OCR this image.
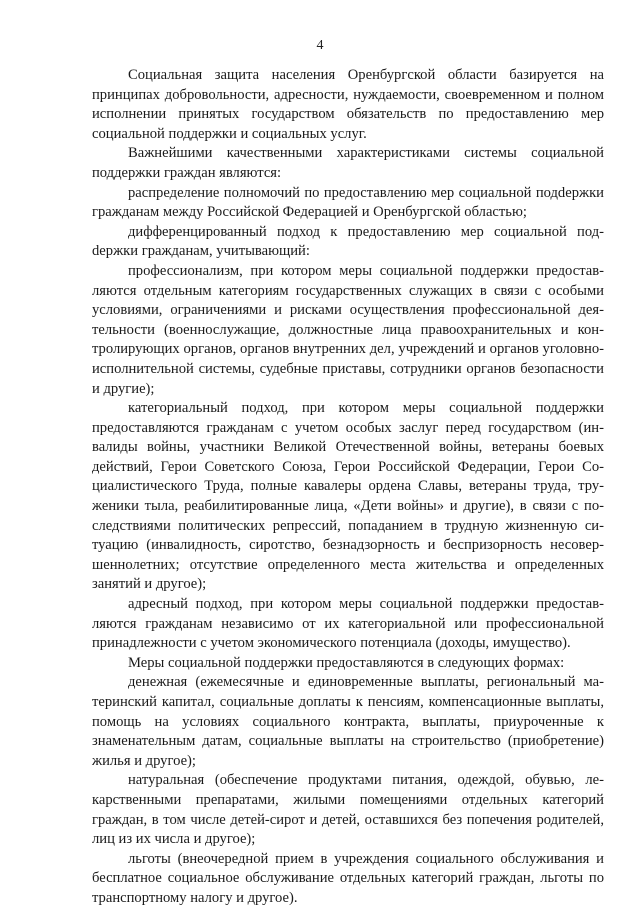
4

Социальная защита населения Оренбургской области базируется на принципах добровольности, адресности, нуждаемости, своевременном и полном исполнении принятых государством обязательств по предоставлению мер социальной поддержки и социальных услуг.

Важнейшими качественными характеристиками системы социальной поддержки граждан являются:

распределение полномочий по предоставлению мер социальной подdержки гражданам между Российской Федерацией и Оренбургской областью;

дифференцированный подход к предоставлению мер социальной подdержки гражданам, учитывающий:

профессионализм, при котором меры социальной поддержки предоставляются отдельным категориям государственных служащих в связи с особыми условиями, ограничениями и рисками осуществления профессиональной деятельности (военнослужащие, должностные лица правоохранительных и контролирующих органов, органов внутренних дел, учреждений и органов уголовно-исполнительной системы, судебные приставы, сотрудники органов безопасности и другие);

категориальный подход, при котором меры социальной поддержки предоставляются гражданам с учетом особых заслуг перед государством (инвалиды войны, участники Великой Отечественной войны, ветераны боевых действий, Герои Советского Союза, Герои Российской Федерации, Герои Социалистического Труда, полные кавалеры ордена Славы, ветераны труда, труженики тыла, реабилитированные лица, «Дети войны» и другие), в связи с последствиями политических репрессий, попаданием в трудную жизненную ситуацию (инвалидность, сиротство, безнадзорность и беспризорность несовершеннолетних; отсутствие определенного места жительства и определенных занятий и другое);

адресный подход, при котором меры социальной поддержки предоставляются гражданам независимо от их категориальной или профессиональной принадлежности с учетом экономического потенциала (доходы, имущество).

Меры социальной поддержки предоставляются в следующих формах:

денежная (ежемесячные и единовременные выплаты, региональный материнский капитал, социальные доплаты к пенсиям, компенсационные выплаты, помощь на условиях социального контракта, выплаты, приуроченные к знаменательным датам, социальные выплаты на строительство (приобретение) жилья и другое);

натуральная (обеспечение продуктами питания, одеждой, обувью, лекарственными препаратами, жилыми помещениями отдельных категорий граждан, в том числе детей-сирот и детей, оставшихся без попечения родителей, лиц из их числа и другое);

льготы (внеочередной прием в учреждения социального обслуживания и бесплатное социальное обслуживание отдельных категорий граждан, льготы по транспортному налогу и другое).
